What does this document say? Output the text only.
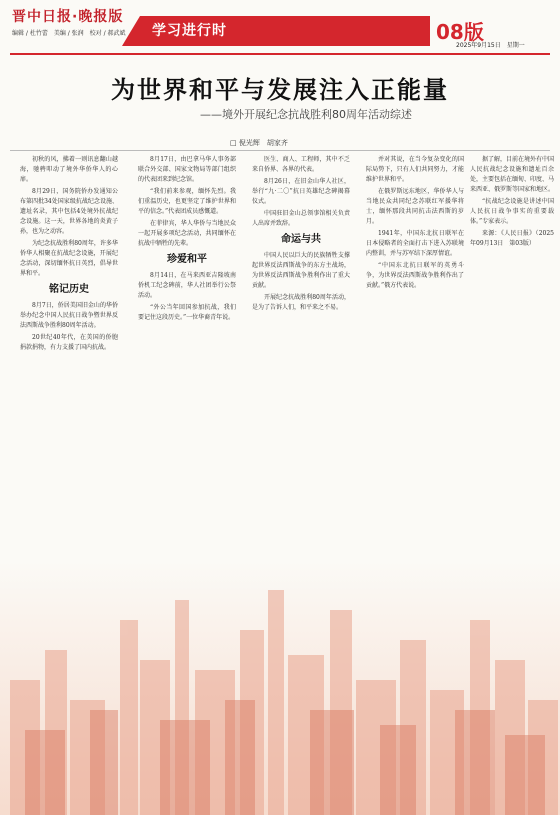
晋中日报·晚报版
编辑 / 杜竹蕾　美编 / 张润　校对 / 郝武斌 学习进行时	08版
2025年9月15日　星期一
为世界和平与发展注入正能量
——境外开展纪念抗战胜利80周年活动综述
□ 倪光辉　胡家齐

初秋的风，拂着一则讯息翻山越海，驰骋叩动了境外华侨华人的心扉。

8月29日，国务院侨办发通知公布第四批34处国家级抗战纪念设施、遗址名录，其中包括4处境外抗战纪念设施。这一天，世界各地的炎黄子孙，也为之动容。

为纪念抗战胜利80周年，许多华侨华人相聚在抗战纪念设施，开展纪念活动，深切缅怀抗日英烈，倡导世界和平。

铭记历史

8月7日，侨居美国旧金山的华侨举办纪念中国人民抗日战争暨世界反法西斯战争胜利80周年活动。

20世纪40年代，在美国的侨胞捐款捐物，有力支援了国内抗战。

8月17日，由巴拿马华人事务部联合外交部、国家文物局等部门组织的代表团来到纪念馆。

“我们前来参观，缅怀先烈。我们重温历史，也更坚定了维护世界和平的信念。”代表团成员感慨道。

在菲律宾，华人华侨与当地民众一起开展多项纪念活动，共同缅怀在抗战中牺牲的先辈。

珍爱和平

8月14日，在马来西亚吉隆坡南侨机工纪念碑前，华人社团举行公祭活动。

“外公当年回国参加抗战，我们要记住这段历史。”一位华裔青年说。

医生、商人、工程师，其中不乏来自侨界、各界的代表。

8月26日，在旧金山华人社区，举行“九·二〇”抗日英雄纪念碑揭幕仪式。

中国驻旧金山总领事馆相关负责人出席并致辞。

命运与共

中国人民以巨大的民族牺牲支撑起世界反法西斯战争的东方主战场，为世界反法西斯战争胜利作出了重大贡献。

开展纪念抗战胜利80周年活动，是为了告诉人们，和平来之不易。

并对其说，在当今复杂变化的国际局势下，只有人们共同努力，才能维护世界和平。

在俄罗斯远东地区，华侨华人与当地民众共同纪念苏联红军援华将士，缅怀那段共同抗击法西斯的岁月。

1941年，中国东北抗日联军在日本侵略者的全面打击下进入苏联境内整训，并与苏军结下深厚情谊。

“中国东北抗日联军的英勇斗争，为世界反法西斯战争胜利作出了贡献。”俄方代表说。

据了解，目前在境外有中国人民抗战纪念设施和遗址百余处，主要包括在缅甸、印度、马来西亚、俄罗斯等国家和地区。

“抗战纪念设施是讲述中国人民抗日战争事实的重要载体。”专家表示。

来源：《人民日报》（2025年09月13日　第03版）
